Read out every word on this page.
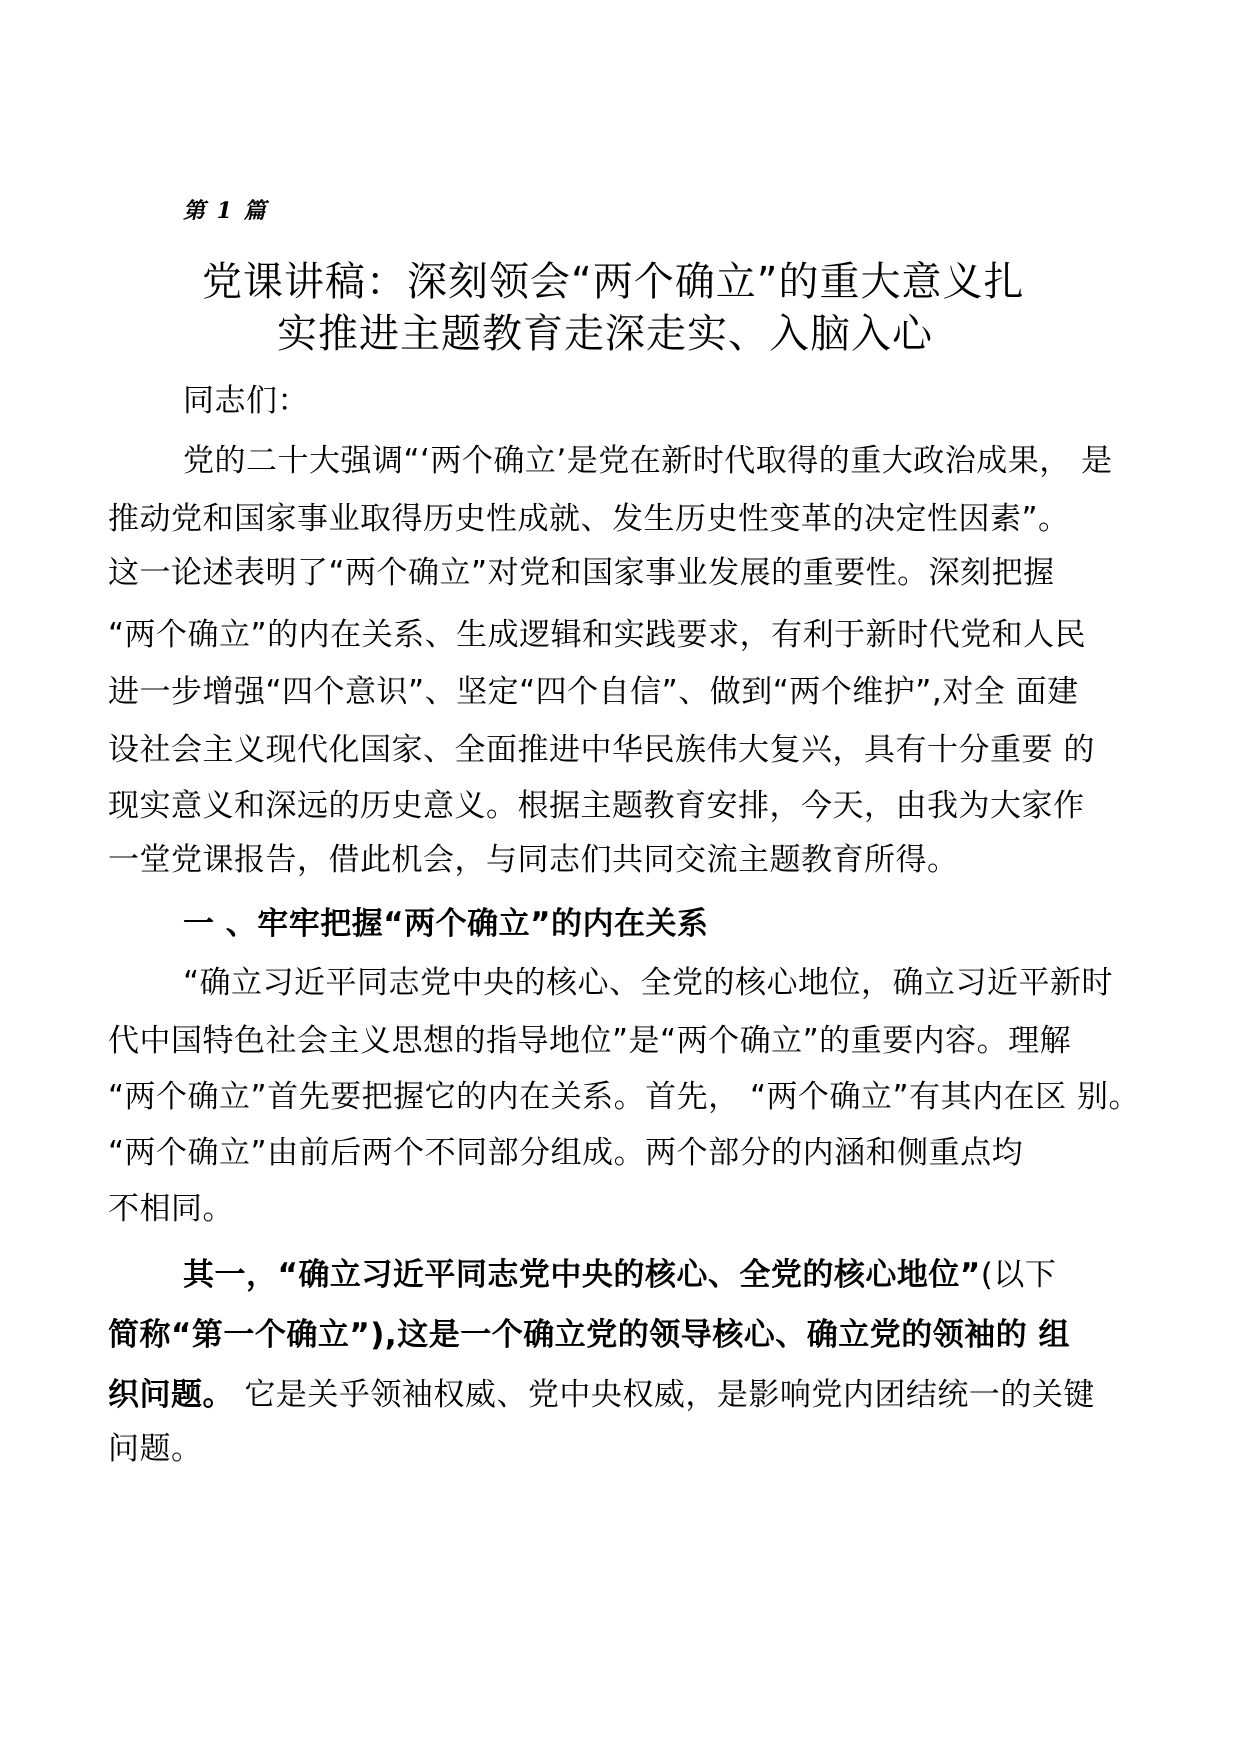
第 1 篇
党课讲稿：深刻领会“两个确立”的重大意义扎
实推进主题教育走深走实、入脑入心
同志们：
党的二十大强调“‘两个确立’是党在新时代取得的重大政治成果， 是
推动党和国家事业取得历史性成就、发生历史性变革的决定性因素”。
这一论述表明了“两个确立”对党和国家事业发展的重要性。深刻把握
“两个确立”的内在关系、生成逻辑和实践要求，有利于新时代党和人民
进一步增强“四个意识”、坚定“四个自信”、做到“两个维护”,对全 面建
设社会主义现代化国家、全面推进中华民族伟大复兴，具有十分重要 的
现实意义和深远的历史意义。根据主题教育安排，今天，由我为大家作
一堂党课报告，借此机会，与同志们共同交流主题教育所得。
一 、牢牢把握“两个确立”的内在关系
“确立习近平同志党中央的核心、全党的核心地位，确立习近平新时
代中国特色社会主义思想的指导地位”是“两个确立”的重要内容。理解
“两个确立”首先要把握它的内在关系。首先， “两个确立”有其内在区 别。
“两个确立”由前后两个不同部分组成。两个部分的内涵和侧重点均
不相同。
其一，“确立习近平同志党中央的核心、全党的核心地位”(以下
简称“第一个确立”),这是一个确立党的领导核心、确立党的领袖的 组
织问题。 它是关乎领袖权威、党中央权威，是影响党内团结统一的关键
问题。
